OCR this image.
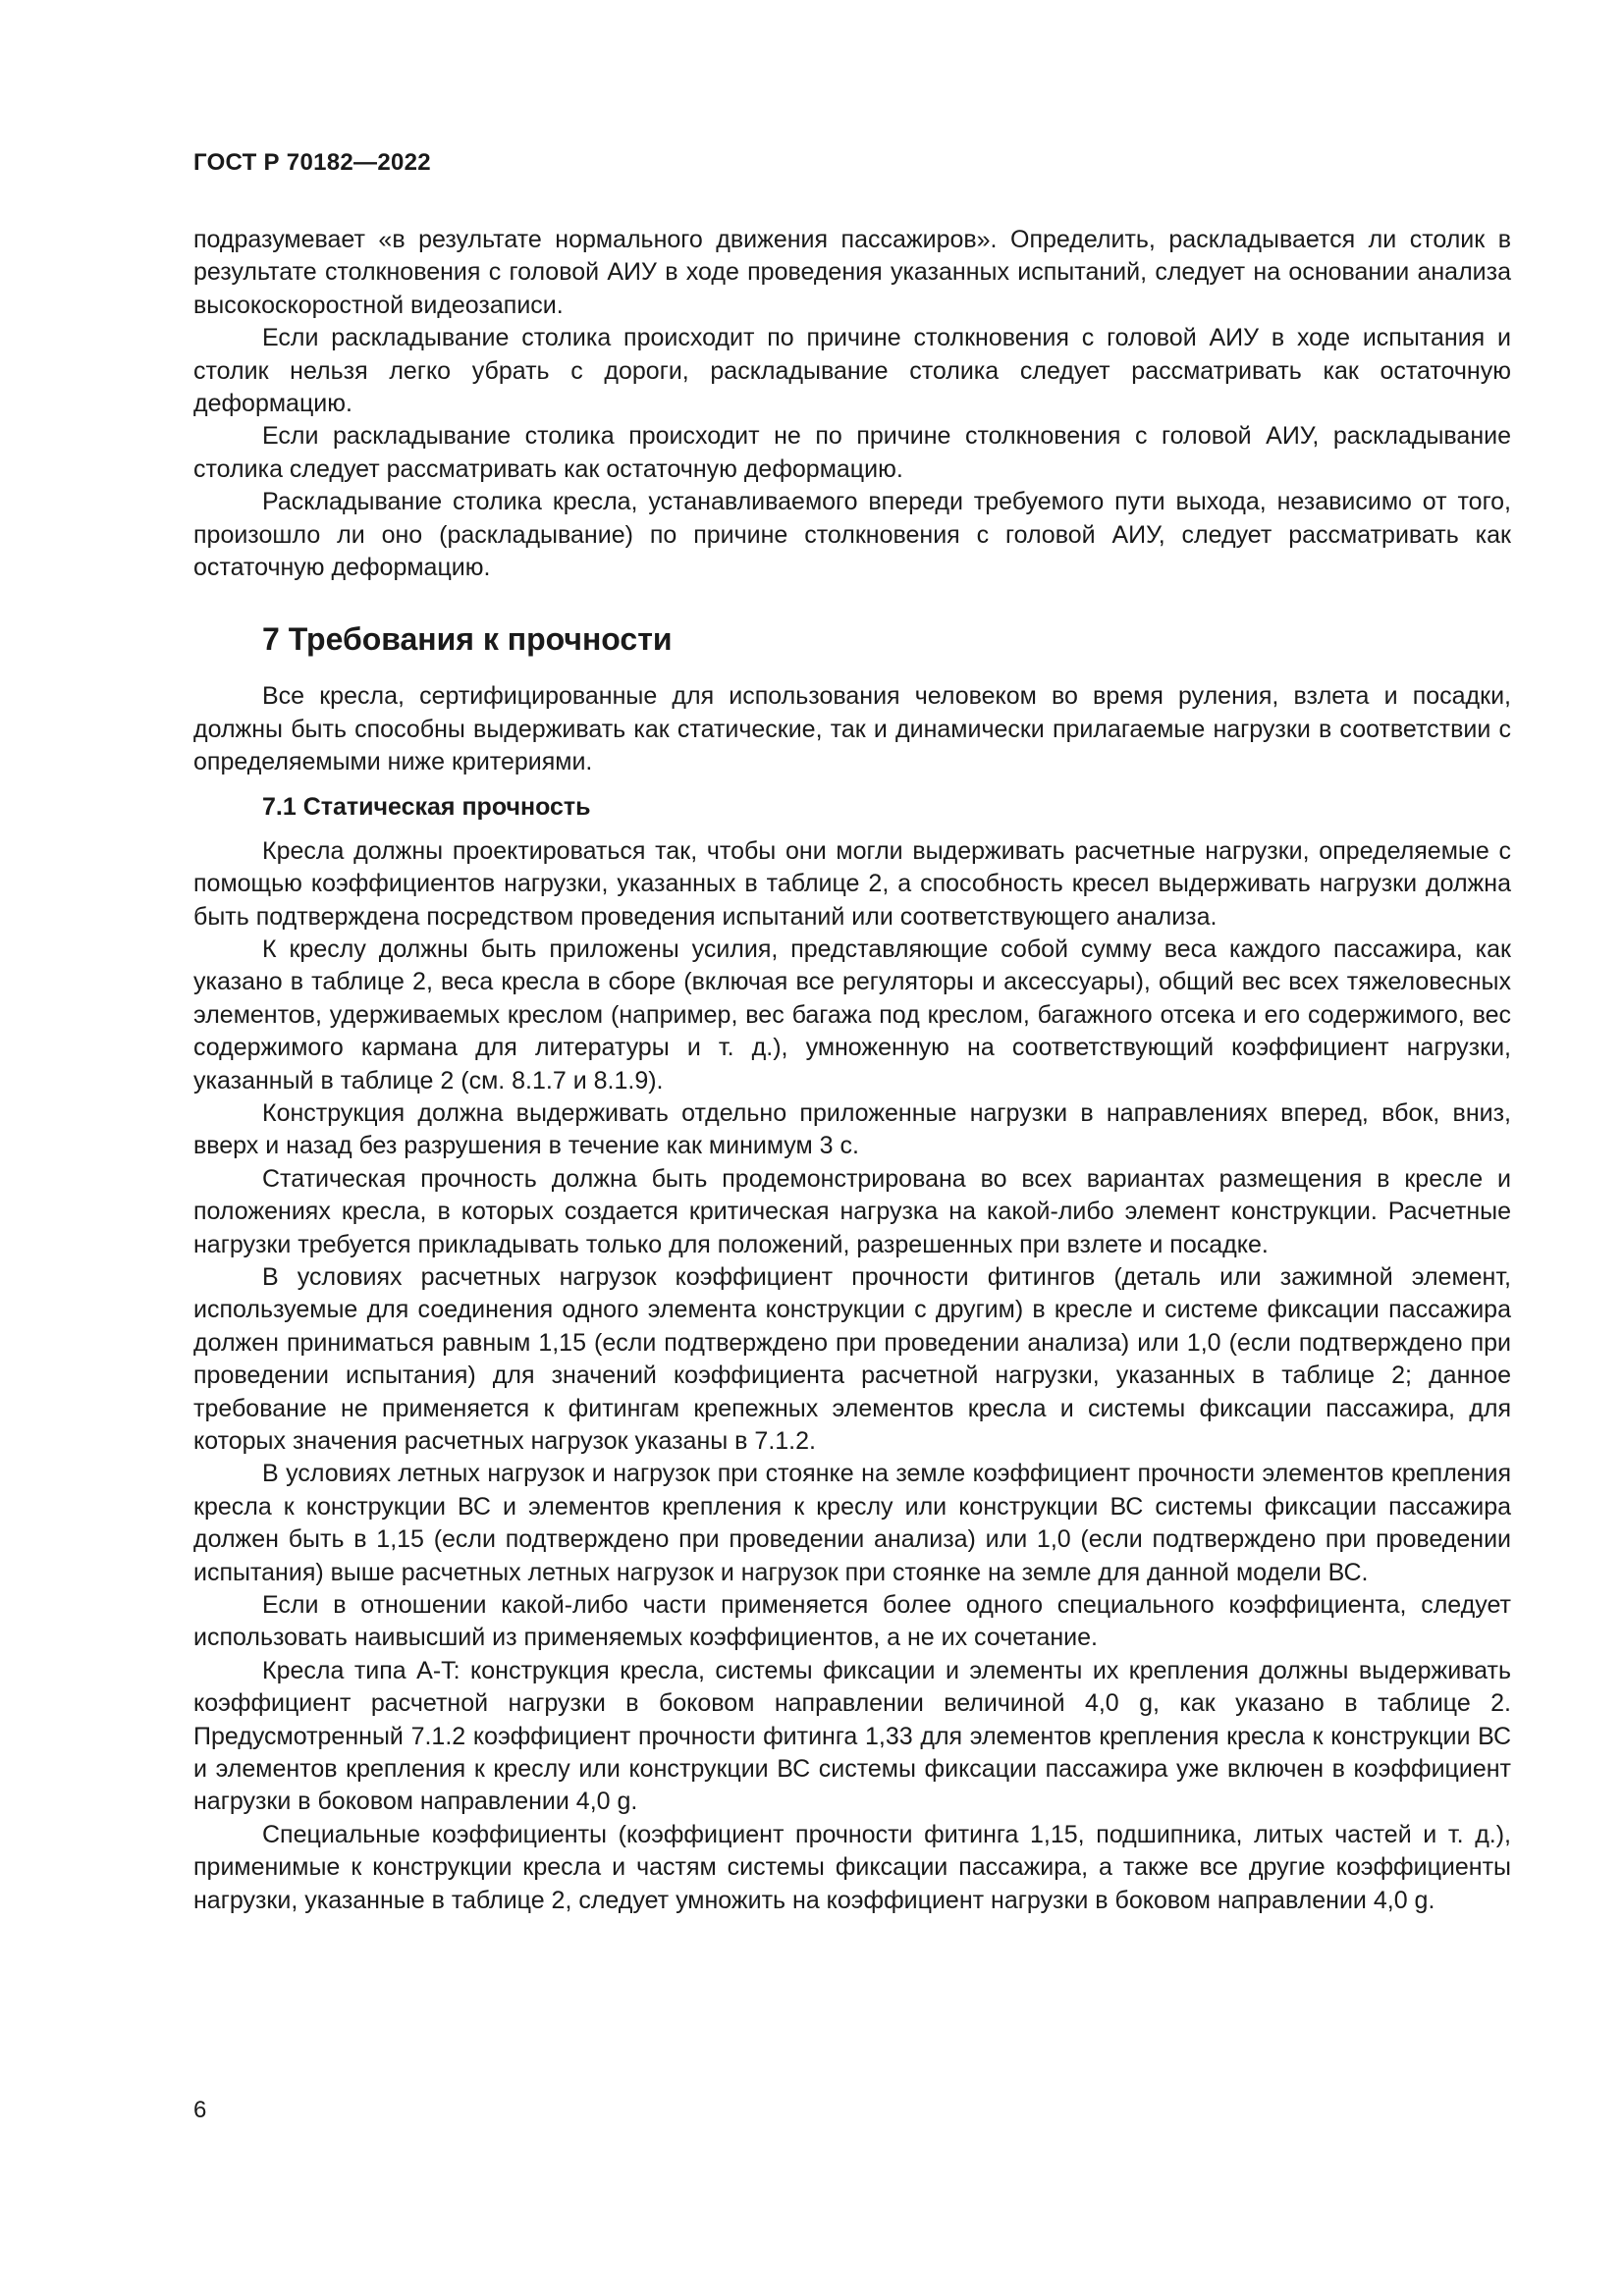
ГОСТ Р 70182—2022

подразумевает «в результате нормального движения пассажиров». Определить, раскладывается ли столик в результате столкновения с головой АИУ в ходе проведения указанных испытаний, следует на основании анализа высокоскоростной видеозаписи.

Если раскладывание столика происходит по причине столкновения с головой АИУ в ходе испытания и столик нельзя легко убрать с дороги, раскладывание столика следует рассматривать как остаточную деформацию.

Если раскладывание столика происходит не по причине столкновения с головой АИУ, раскладывание столика следует рассматривать как остаточную деформацию.

Раскладывание столика кресла, устанавливаемого впереди требуемого пути выхода, независимо от того, произошло ли оно (раскладывание) по причине столкновения с головой АИУ, следует рассматривать как остаточную деформацию.

7 Требования к прочности

Все кресла, сертифицированные для использования человеком во время руления, взлета и посадки, должны быть способны выдерживать как статические, так и динамически прилагаемые нагрузки в соответствии с определяемыми ниже критериями.

7.1 Статическая прочность

Кресла должны проектироваться так, чтобы они могли выдерживать расчетные нагрузки, определяемые с помощью коэффициентов нагрузки, указанных в таблице 2, а способность кресел выдерживать нагрузки должна быть подтверждена посредством проведения испытаний или соответствующего анализа.

К креслу должны быть приложены усилия, представляющие собой сумму веса каждого пассажира, как указано в таблице 2, веса кресла в сборе (включая все регуляторы и аксессуары), общий вес всех тяжеловесных элементов, удерживаемых креслом (например, вес багажа под креслом, багажного отсека и его содержимого, вес содержимого кармана для литературы и т. д.), умноженную на соответствующий коэффициент нагрузки, указанный в таблице 2 (см. 8.1.7 и 8.1.9).

Конструкция должна выдерживать отдельно приложенные нагрузки в направлениях вперед, вбок, вниз, вверх и назад без разрушения в течение как минимум 3 с.

Статическая прочность должна быть продемонстрирована во всех вариантах размещения в кресле и положениях кресла, в которых создается критическая нагрузка на какой-либо элемент конструкции. Расчетные нагрузки требуется прикладывать только для положений, разрешенных при взлете и посадке.

В условиях расчетных нагрузок коэффициент прочности фитингов (деталь или зажимной элемент, используемые для соединения одного элемента конструкции с другим) в кресле и системе фиксации пассажира должен приниматься равным 1,15 (если подтверждено при проведении анализа) или 1,0 (если подтверждено при проведении испытания) для значений коэффициента расчетной нагрузки, указанных в таблице 2; данное требование не применяется к фитингам крепежных элементов кресла и системы фиксации пассажира, для которых значения расчетных нагрузок указаны в 7.1.2.

В условиях летных нагрузок и нагрузок при стоянке на земле коэффициент прочности элементов крепления кресла к конструкции ВС и элементов крепления к креслу или конструкции ВС системы фиксации пассажира должен быть в 1,15 (если подтверждено при проведении анализа) или 1,0 (если подтверждено при проведении испытания) выше расчетных летных нагрузок и нагрузок при стоянке на земле для данной модели ВС.

Если в отношении какой-либо части применяется более одного специального коэффициента, следует использовать наивысший из применяемых коэффициентов, а не их сочетание.

Кресла типа A-T: конструкция кресла, системы фиксации и элементы их крепления должны выдерживать коэффициент расчетной нагрузки в боковом направлении величиной 4,0 g, как указано в таблице 2. Предусмотренный 7.1.2 коэффициент прочности фитинга 1,33 для элементов крепления кресла к конструкции ВС и элементов крепления к креслу или конструкции ВС системы фиксации пассажира уже включен в коэффициент нагрузки в боковом направлении 4,0 g.

Специальные коэффициенты (коэффициент прочности фитинга 1,15, подшипника, литых частей и т. д.), применимые к конструкции кресла и частям системы фиксации пассажира, а также все другие коэффициенты нагрузки, указанные в таблице 2, следует умножить на коэффициент нагрузки в боковом направлении 4,0 g.

6
